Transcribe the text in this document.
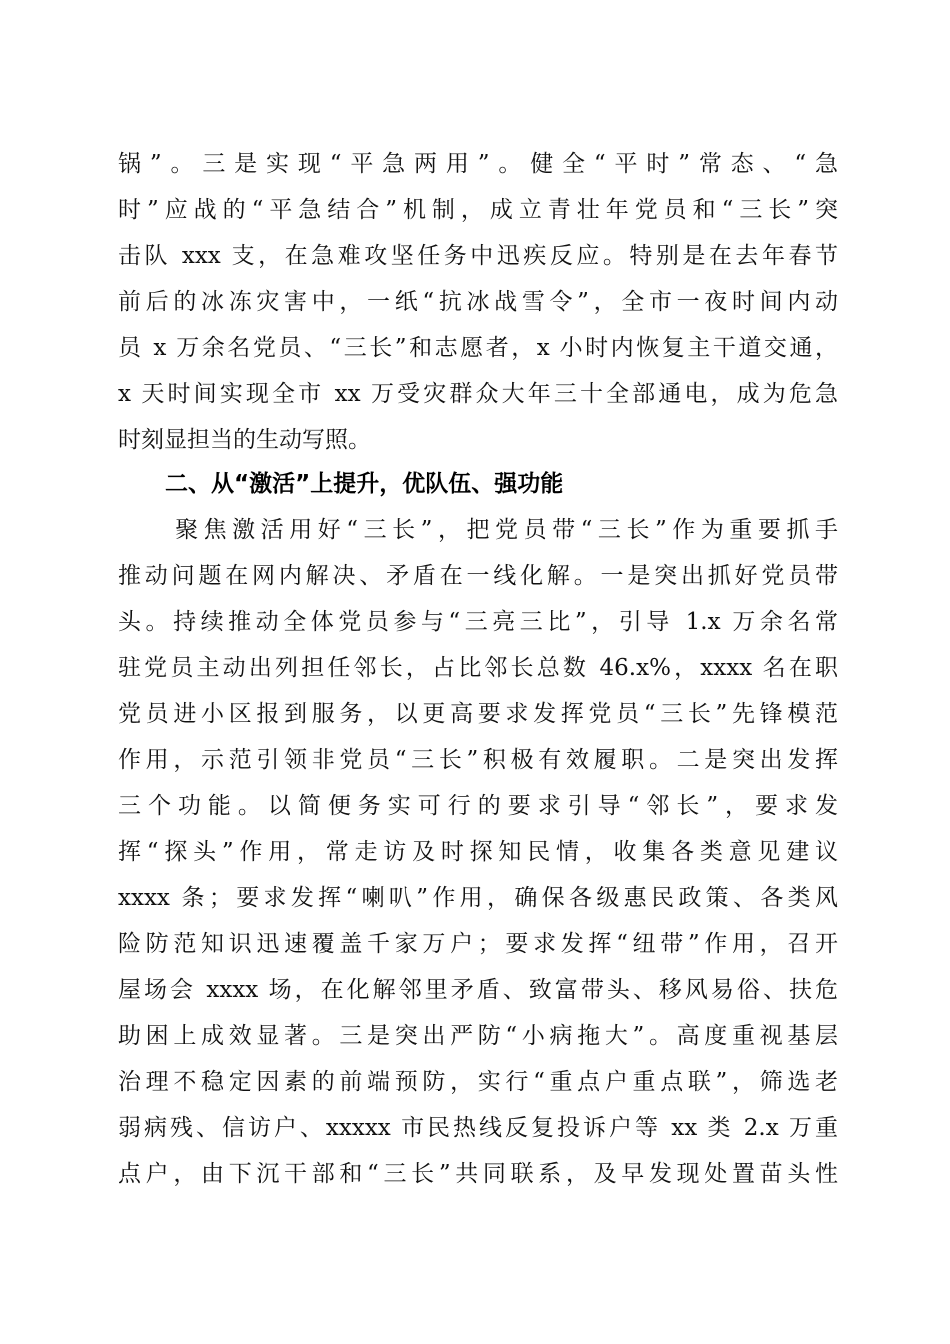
锅”。三是实现“平急两用”。健全“平时”常态、“急
时”应战的“平急结合”机制，成立青壮年党员和“三长”突
击队 xxx 支，在急难攻坚任务中迅疾反应。特别是在去年春节
前后的冰冻灾害中，一纸“抗冰战雪令”，全市一夜时间内动
员 x 万余名党员、“三长”和志愿者，x 小时内恢复主干道交通，
x 天时间实现全市 xx 万受灾群众大年三十全部通电，成为危急
时刻显担当的生动写照。
二、从“激活”上提升，优队伍、强功能
　　聚焦激活用好“三长”，把党员带“三长”作为重要抓手
推动问题在网内解决、矛盾在一线化解。一是突出抓好党员带
头。持续推动全体党员参与“三亮三比”，引导 1.x 万余名常
驻党员主动出列担任邻长，占比邻长总数 46.x%，xxxx 名在职
党员进小区报到服务，以更高要求发挥党员“三长”先锋模范
作用，示范引领非党员“三长”积极有效履职。二是突出发挥
三个功能。以简便务实可行的要求引导“邻长”，要求发
挥“探头”作用，常走访及时探知民情，收集各类意见建议
xxxx 条；要求发挥“喇叭”作用，确保各级惠民政策、各类风
险防范知识迅速覆盖千家万户；要求发挥“纽带”作用，召开
屋场会 xxxx 场，在化解邻里矛盾、致富带头、移风易俗、扶危
助困上成效显著。三是突出严防“小病拖大”。高度重视基层
治理不稳定因素的前端预防，实行“重点户重点联”，筛选老
弱病残、信访户、xxxxx 市民热线反复投诉户等 xx 类 2.x 万重
点户，由下沉干部和“三长”共同联系，及早发现处置苗头性
